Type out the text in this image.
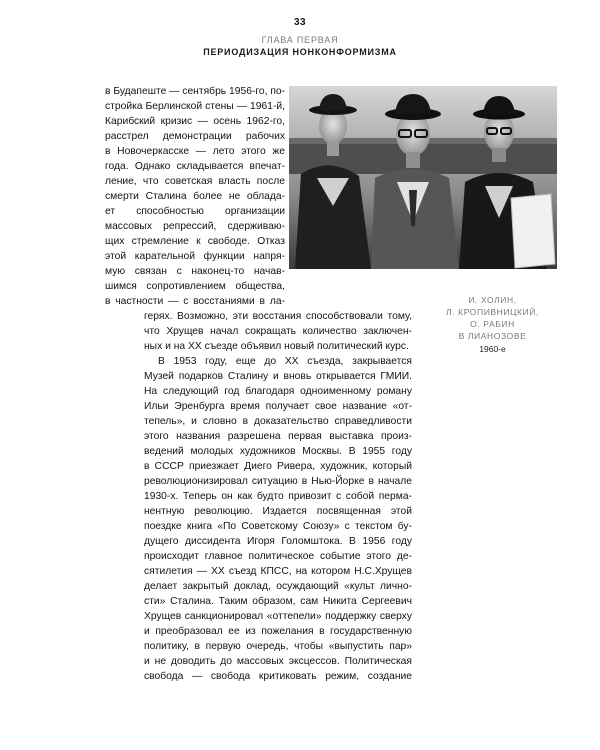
33
ГЛАВА ПЕРВАЯ
ПЕРИОДИЗАЦИЯ НОНКОНФОРМИЗМА
в Будапеште — сентябрь 1956-го, по-
стройка Берлинской стены — 1961-й,
Карибский кризис — осень 1962-го,
расстрел демонстрации рабочих
в Новочеркасске — лето этого же
года. Однако складывается впечат-
ление, что советская власть после
смерти Сталина более не облада-
ет способностью организации
массовых репрессий, сдерживаю-
щих стремление к свободе. Отказ
этой карательной функции напря-
мую связан с наконец-то начав-
шимся сопротивлением общества,
в частности — с восстаниями в ла-
герях. Возможно, эти восстания способствовали тому,
что Хрущев начал сокращать количество заключен-
ных и на XX съезде объявил новый политический курс.
В 1953 году, еще до XX съезда, закрывается
Музей подарков Сталину и вновь открывается ГМИИ.
На следующий год благодаря одноименному роману
Ильи Эренбурга время получает свое название «от-
тепель», и словно в доказательство справедливости
этого названия разрешена первая выставка произ-
ведений молодых художников Москвы. В 1955 году
в СССР приезжает Диего Ривера, художник, который
революционизировал ситуацию в Нью-Йорке в начале
1930-х. Теперь он как будто привозит с собой перма-
нентную революцию. Издается посвященная этой
поездке книга «По Советскому Союзу» с текстом бу-
дущего диссидента Игоря Голомштока. В 1956 году
происходит главное политическое событие этого де-
сятилетия — XX съезд КПСС, на котором Н.С.Хрущев
делает закрытый доклад, осуждающий «культ лично-
сти» Сталина. Таким образом, сам Никита Сергеевич
Хрущев санкционировал «оттепели» поддержку сверху
и преобразовал ее из пожелания в государственную
политику, в первую очередь, чтобы «выпустить пар»
и не доводить до массовых эксцессов. Политическая
свобода — свобода критиковать режим, создание
И. ХОЛИН,
Л. КРОПИВНИЦКИЙ,
О. РАБИН
В ЛИАНОЗОВЕ
1960-е
